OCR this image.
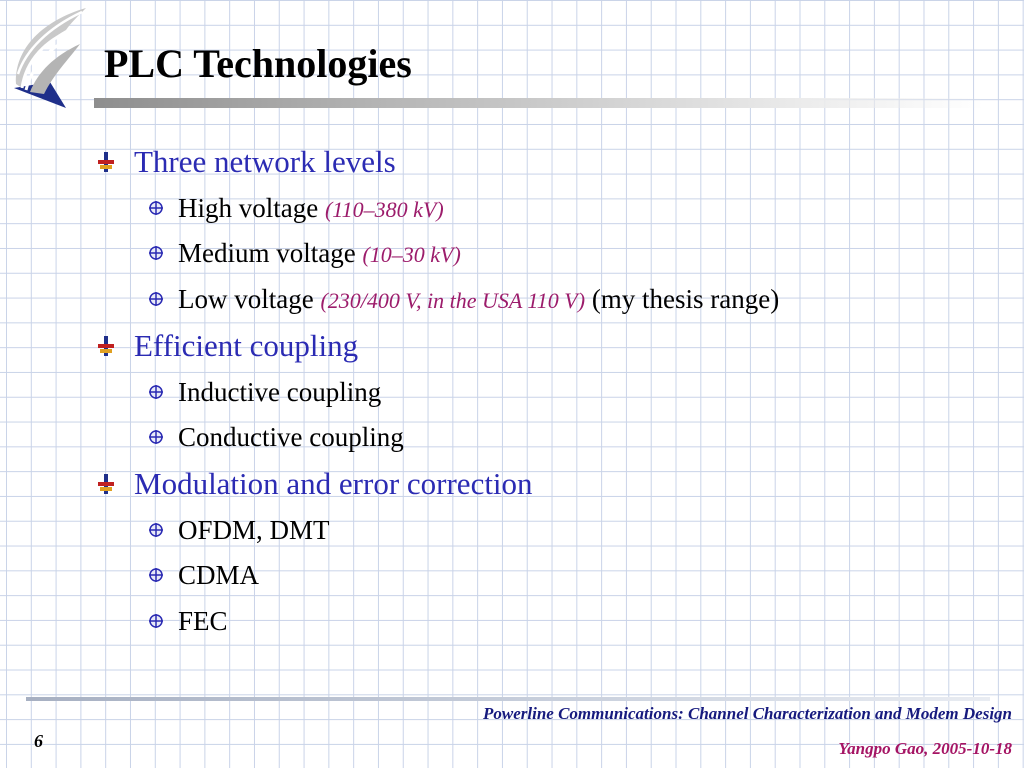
PLC Technologies
Three network levels
High voltage (110–380 kV)
Medium voltage (10–30 kV)
Low voltage (230/400 V, in the USA 110 V) (my thesis range)
Efficient coupling
Inductive coupling
Conductive coupling
Modulation and error correction
OFDM, DMT
CDMA
FEC
Powerline Communications: Channel Characterization and Modem Design
6	Yangpo Gao, 2005-10-18
